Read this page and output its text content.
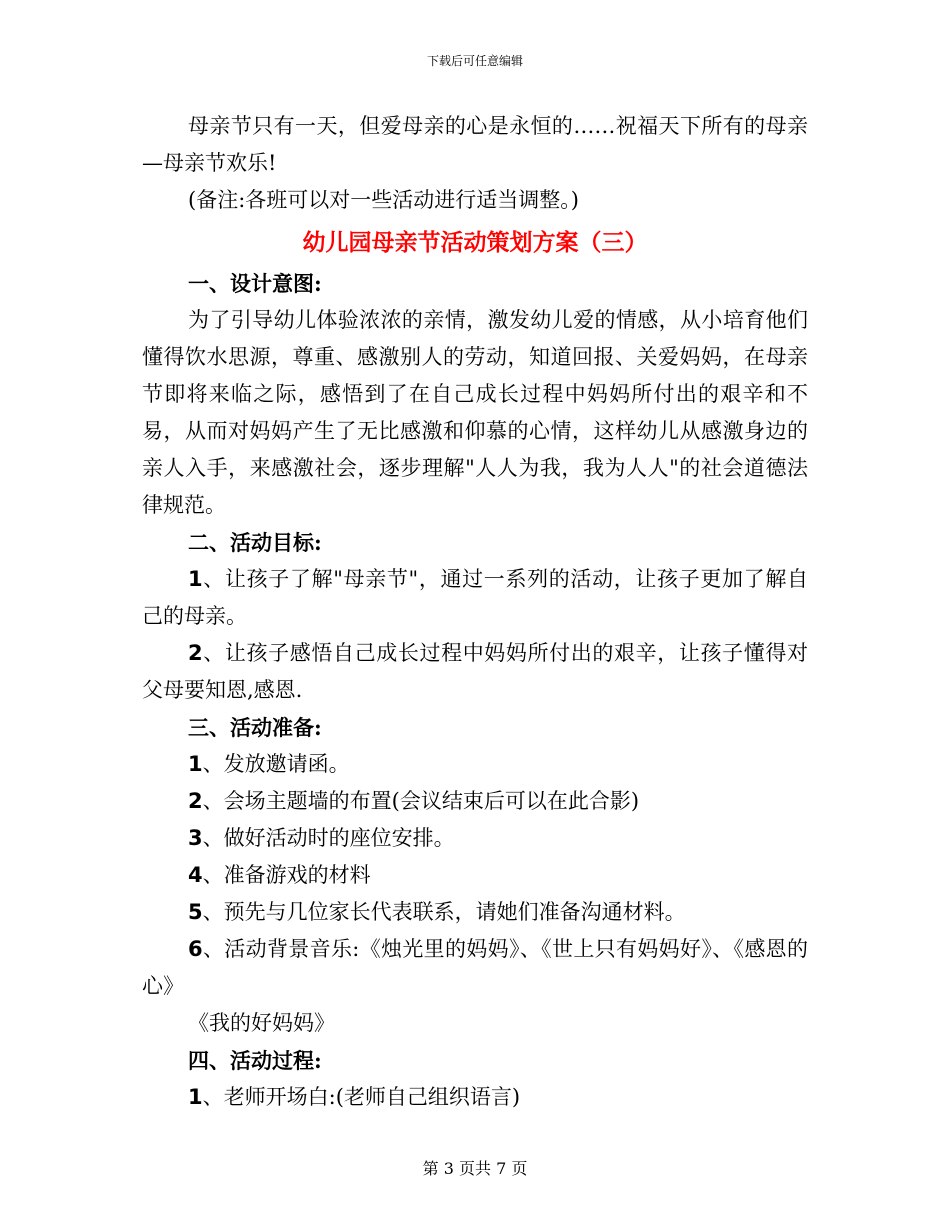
下载后可任意编辑

母亲节只有一天，但爱母亲的心是永恒的……祝福天下所有的母亲—母亲节欢乐!

(备注:各班可以对一些活动进行适当调整。)

幼儿园母亲节活动策划方案（三）

一、设计意图:

为了引导幼儿体验浓浓的亲情，激发幼儿爱的情感，从小培育他们懂得饮水思源，尊重、感激别人的劳动，知道回报、关爱妈妈，在母亲节即将来临之际，感悟到了在自己成长过程中妈妈所付出的艰辛和不易，从而对妈妈产生了无比感激和仰慕的心情，这样幼儿从感激身边的亲人入手，来感激社会，逐步理解"人人为我，我为人人"的社会道德法律规范。

二、活动目标:

1、让孩子了解"母亲节"，通过一系列的活动，让孩子更加了解自己的母亲。

2、让孩子感悟自己成长过程中妈妈所付出的艰辛，让孩子懂得对父母要知恩,感恩.

三、活动准备:

1、发放邀请函。

2、会场主题墙的布置(会议结束后可以在此合影)

3、做好活动时的座位安排。

4、准备游戏的材料

5、预先与几位家长代表联系，请她们准备沟通材料。

6、活动背景音乐:《烛光里的妈妈》、《世上只有妈妈好》、《感恩的心》

《我的好妈妈》

四、活动过程:

1、老师开场白:(老师自己组织语言)

第 3 页共 7 页
